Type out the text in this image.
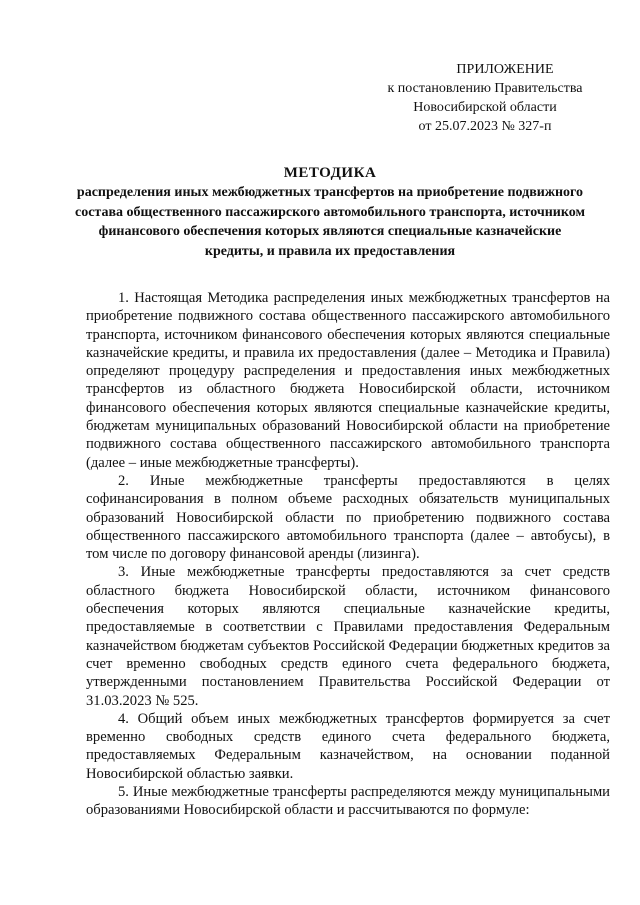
ПРИЛОЖЕНИЕ
к постановлению Правительства
Новосибирской области
от 25.07.2023 № 327-п
МЕТОДИКА
распределения иных межбюджетных трансфертов на приобретение подвижного состава общественного пассажирского автомобильного транспорта, источником финансового обеспечения которых являются специальные казначейские кредиты, и правила их предоставления

1. Настоящая Методика распределения иных межбюджетных трансфертов на приобретение подвижного состава общественного пассажирского автомобильного транспорта, источником финансового обеспечения которых являются специальные казначейские кредиты, и правила их предоставления (далее – Методика и Правила) определяют процедуру распределения и предоставления иных межбюджетных трансфертов из областного бюджета Новосибирской области, источником финансового обеспечения которых являются специальные казначейские кредиты, бюджетам муниципальных образований Новосибирской области на приобретение подвижного состава общественного пассажирского автомобильного транспорта (далее – иные межбюджетные трансферты).

2. Иные межбюджетные трансферты предоставляются в целях софинансирования в полном объеме расходных обязательств муниципальных образований Новосибирской области по приобретению подвижного состава общественного пассажирского автомобильного транспорта (далее – автобусы), в том числе по договору финансовой аренды (лизинга).

3. Иные межбюджетные трансферты предоставляются за счет средств областного бюджета Новосибирской области, источником финансового обеспечения которых являются специальные казначейские кредиты, предоставляемые в соответствии с Правилами предоставления Федеральным казначейством бюджетам субъектов Российской Федерации бюджетных кредитов за счет временно свободных средств единого счета федерального бюджета, утвержденными постановлением Правительства Российской Федерации от 31.03.2023 № 525.

4. Общий объем иных межбюджетных трансфертов формируется за счет временно свободных средств единого счета федерального бюджета, предоставляемых Федеральным казначейством, на основании поданной Новосибирской областью заявки.

5. Иные межбюджетные трансферты распределяются между муниципальными образованиями Новосибирской области и рассчитываются по формуле:
